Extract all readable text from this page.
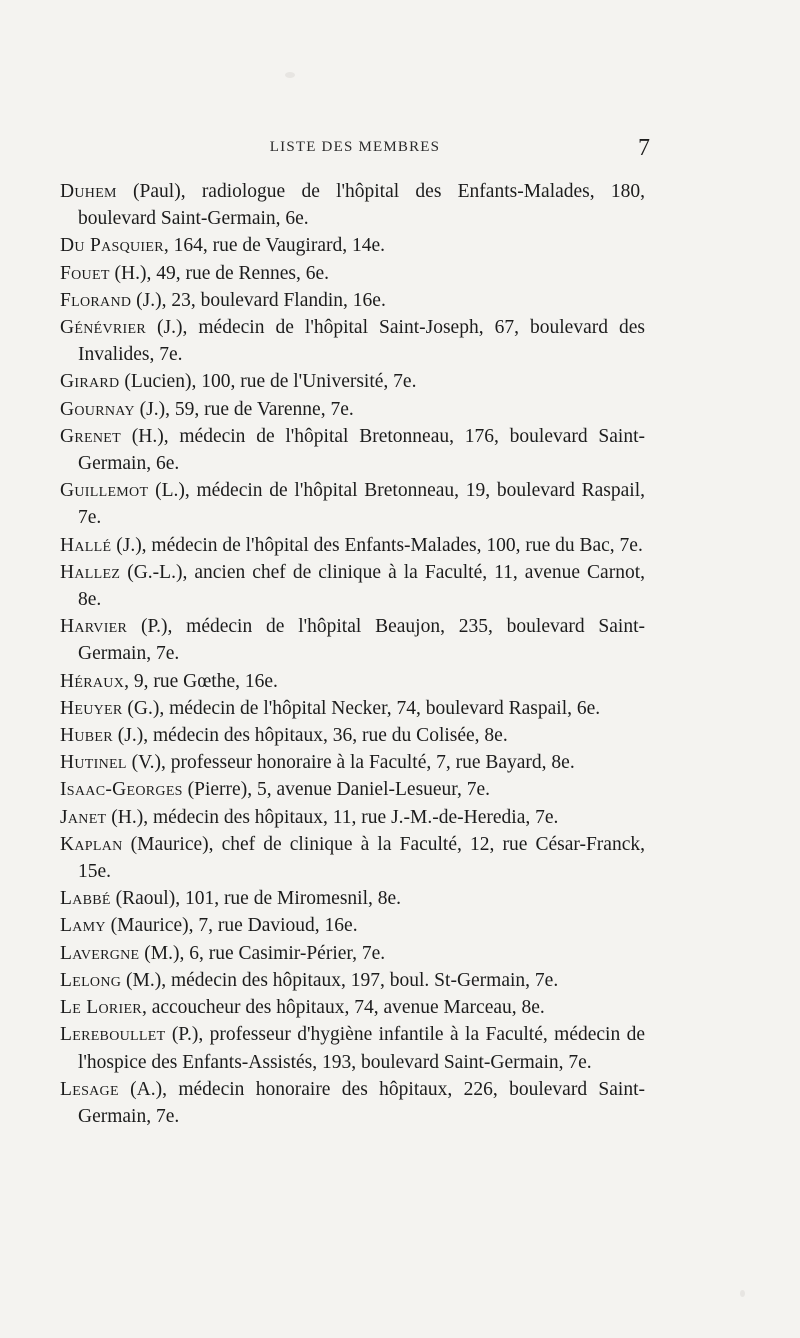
LISTE DES MEMBRES	7

Duhem (Paul), radiologue de l'hôpital des Enfants-Malades, 180, boulevard Saint-Germain, 6e.

Du Pasquier, 164, rue de Vaugirard, 14e.

Fouet (H.), 49, rue de Rennes, 6e.

Florand (J.), 23, boulevard Flandin, 16e.

Génévrier (J.), médecin de l'hôpital Saint-Joseph, 67, boulevard des Invalides, 7e.

Girard (Lucien), 100, rue de l'Université, 7e.

Gournay (J.), 59, rue de Varenne, 7e.

Grenet (H.), médecin de l'hôpital Bretonneau, 176, boulevard Saint-Germain, 6e.

Guillemot (L.), médecin de l'hôpital Bretonneau, 19, boulevard Raspail, 7e.

Hallé (J.), médecin de l'hôpital des Enfants-Malades, 100, rue du Bac, 7e.

Hallez (G.-L.), ancien chef de clinique à la Faculté, 11, avenue Carnot, 8e.

Harvier (P.), médecin de l'hôpital Beaujon, 235, boulevard Saint-Germain, 7e.

Héraux, 9, rue Gœthe, 16e.

Heuyer (G.), médecin de l'hôpital Necker, 74, boulevard Raspail, 6e.

Huber (J.), médecin des hôpitaux, 36, rue du Colisée, 8e.

Hutinel (V.), professeur honoraire à la Faculté, 7, rue Bayard, 8e.

Isaac-Georges (Pierre), 5, avenue Daniel-Lesueur, 7e.

Janet (H.), médecin des hôpitaux, 11, rue J.-M.-de-Heredia, 7e.

Kaplan (Maurice), chef de clinique à la Faculté, 12, rue César-Franck, 15e.

Labbé (Raoul), 101, rue de Miromesnil, 8e.

Lamy (Maurice), 7, rue Davioud, 16e.

Lavergne (M.), 6, rue Casimir-Périer, 7e.

Lelong (M.), médecin des hôpitaux, 197, boul. St-Germain, 7e.

Le Lorier, accoucheur des hôpitaux, 74, avenue Marceau, 8e.

Lereboullet (P.), professeur d'hygiène infantile à la Faculté, médecin de l'hospice des Enfants-Assistés, 193, boulevard Saint-Germain, 7e.

Lesage (A.), médecin honoraire des hôpitaux, 226, boulevard Saint-Germain, 7e.
